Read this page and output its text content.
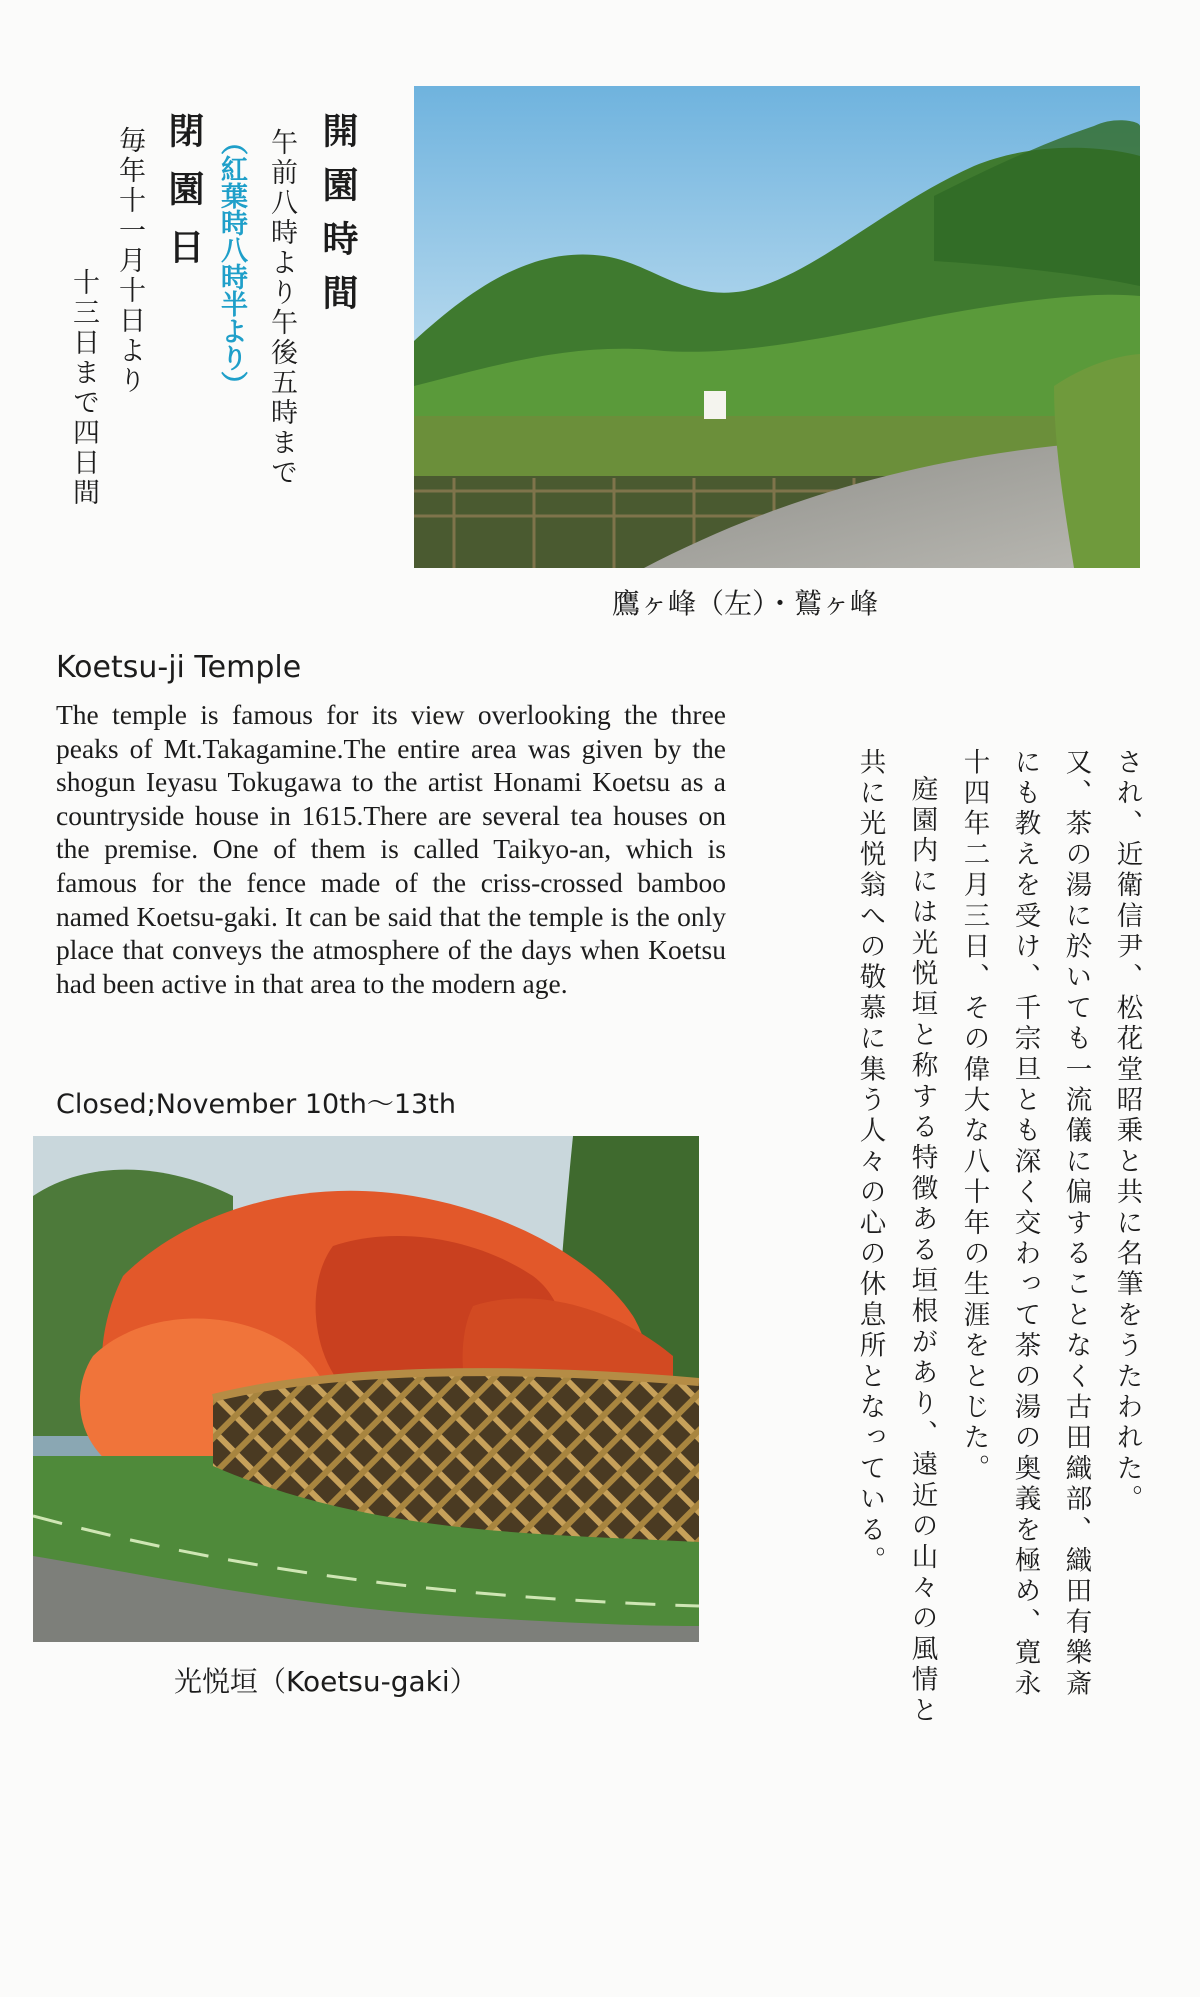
開園時間
午前八時より午後五時まで
（紅葉時八時半より）
閉園日
毎年十一月十日より
十三日まで四日間
鷹ヶ峰（左）・鷲ヶ峰
Koetsu-ji Temple

The temple is famous for its view overlooking the three peaks of Mt.Takagamine.The entire area was given by the shogun Ieyasu Tokugawa to the artist Honami Koetsu as a countryside house in 1615.There are several tea houses on the premise. One of them is called Taikyo-an, which is famous for the fence made of the criss-crossed bamboo named Koetsu-gaki. It can be said that the temple is the only place that conveys the atmosphere of the days when Koetsu had been active in that area to the modern age.

Closed;November 10th～13th

光悦垣（Koetsu-gaki）
され、近衛信尹、松花堂昭乗と共に名筆をうたわれた。
又、茶の湯に於いても一流儀に偏することなく古田織部、織田有樂斎
にも教えを受け、千宗旦とも深く交わって茶の湯の奥義を極め、寛永
十四年二月三日、その偉大な八十年の生涯をとじた。
庭園内には光悦垣と称する特徴ある垣根があり、遠近の山々の風情と
共に光悦翁への敬慕に集う人々の心の休息所となっている。
